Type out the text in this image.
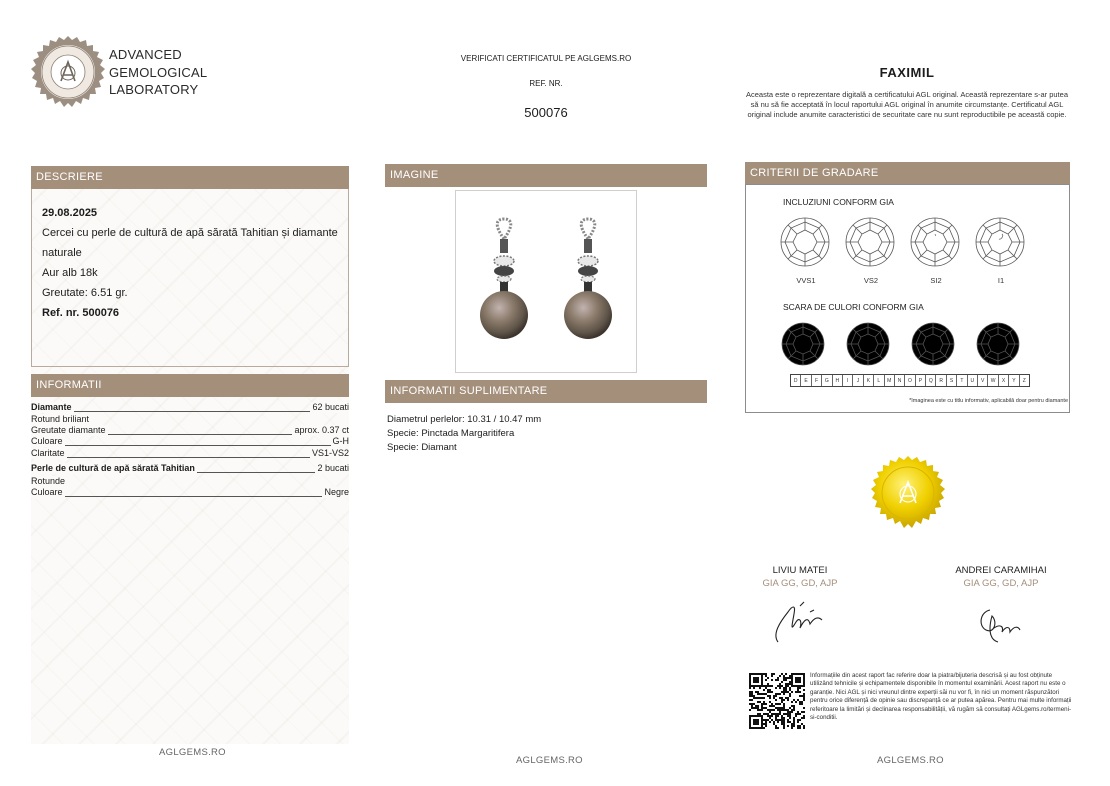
ADVANCED
GEMOLOGICAL
LABORATORY
VERIFICATI CERTIFICATUL PE AGLGEMS.RO
REF. NR.
500076
FAXIMIL
Aceasta este o reprezentare digitală a certificatului AGL original. Această reprezentare s-ar putea să nu să fie acceptată în locul raportului AGL original în anumite circumstanțe. Certificatul AGL original include anumite caracteristici de securitate care nu sunt reproductibile pe această copie.
DESCRIERE
29.08.2025
Cercei cu perle de cultură de apă sărată Tahitian și diamante
naturale
Aur alb 18k
Greutate: 6.51 gr.
Ref. nr. 500076
INFORMATII
Diamante	62 bucati
Rotund briliant
Greutate diamante	aprox. 0.37 ct
Culoare	G-H
Claritate	VS1-VS2
Perle de cultură de apă sărată Tahitian	2 bucati
Rotunde
Culoare	Negre
AGLGEMS.RO
IMAGINE
INFORMATII SUPLIMENTARE
Diametrul perlelor: 10.31 / 10.47 mm
Specie: Pinctada Margaritifera
Specie: Diamant
AGLGEMS.RO
CRITERII DE GRADARE
INCLUZIUNI CONFORM GIA
VVS1	VS2	SI2	I1
SCARA DE CULORI CONFORM GIA
D	E	F	G	H	I	J	K	L	M	N	O	P	Q	R	S	T	U	V	W	X	Y	Z
*Imaginea este cu titlu informativ, aplicabilă doar pentru diamante
LIVIU MATEI
GIA GG, GD, AJP
ANDREI CARAMIHAI
GIA GG, GD, AJP
Informațiile din acest raport fac referire doar la piatra/bijuteria descrisă și au fost obținute utilizând tehnicile și echipamentele disponibile în momentul examinării. Acest raport nu este o garanție. Nici AGL și nici vreunul dintre experții săi nu vor fi, în nici un moment răspunzători pentru orice diferență de opinie sau discrepanță ce ar putea apărea. Pentru mai multe informații referitoare la limitări și declinarea responsabilității, vă rugăm să consultați AGLgems.ro/termeni-si-conditii.
AGLGEMS.RO
